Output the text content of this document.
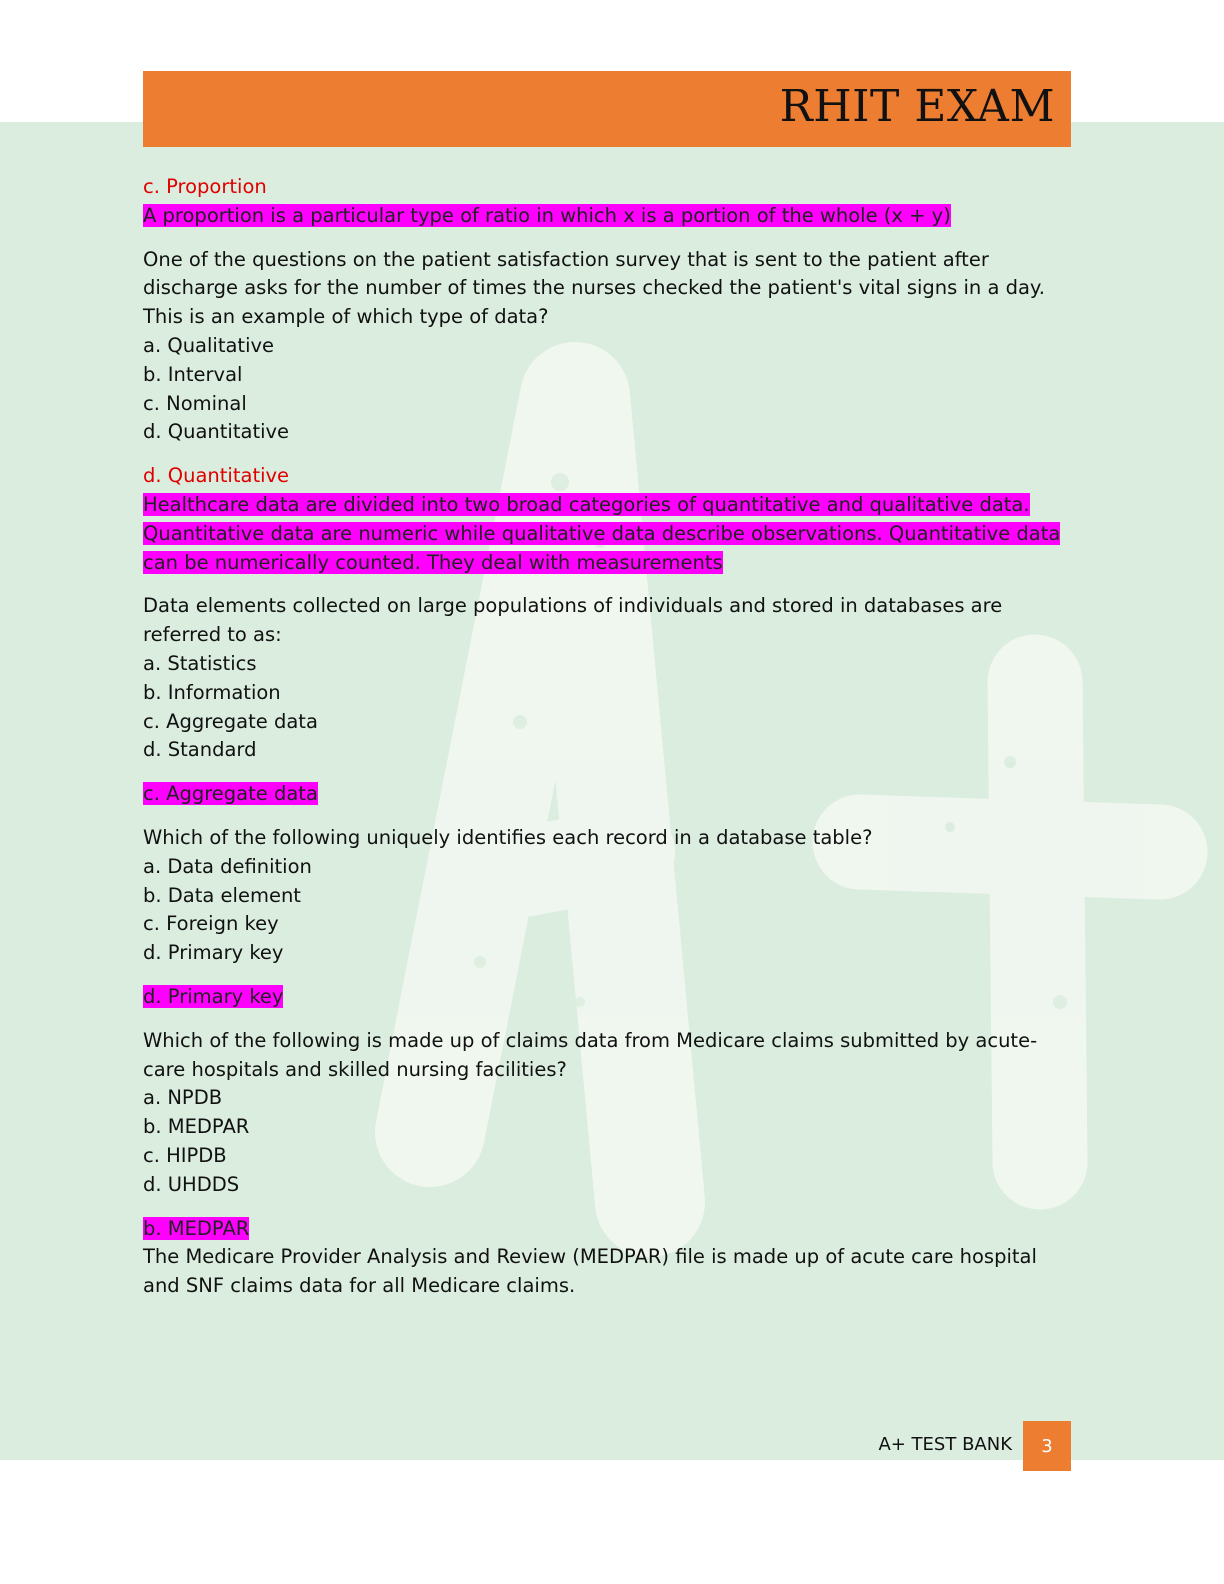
RHIT EXAM

c. Proportion

A proportion is a particular type of ratio in which x is a portion of the whole (x + y)

One of the questions on the patient satisfaction survey that is sent to the patient after discharge asks for the number of times the nurses checked the patient's vital signs in a day. This is an example of which type of data?

a. Qualitative

b. Interval

c. Nominal

d. Quantitative

d. Quantitative

Healthcare data are divided into two broad categories of quantitative and qualitative data. Quantitative data are numeric while qualitative data describe observations. Quantitative data can be numerically counted. They deal with measurements

Data elements collected on large populations of individuals and stored in databases are referred to as:

a. Statistics

b. Information

c. Aggregate data

d. Standard

c. Aggregate data

Which of the following uniquely identifies each record in a database table?

a. Data definition

b. Data element

c. Foreign key

d. Primary key

d. Primary key

Which of the following is made up of claims data from Medicare claims submitted by acute-care hospitals and skilled nursing facilities?

a. NPDB

b. MEDPAR

c. HIPDB

d. UHDDS

b. MEDPAR

The Medicare Provider Analysis and Review (MEDPAR) file is made up of acute care hospital and SNF claims data for all Medicare claims.

A+ TEST BANK	3
